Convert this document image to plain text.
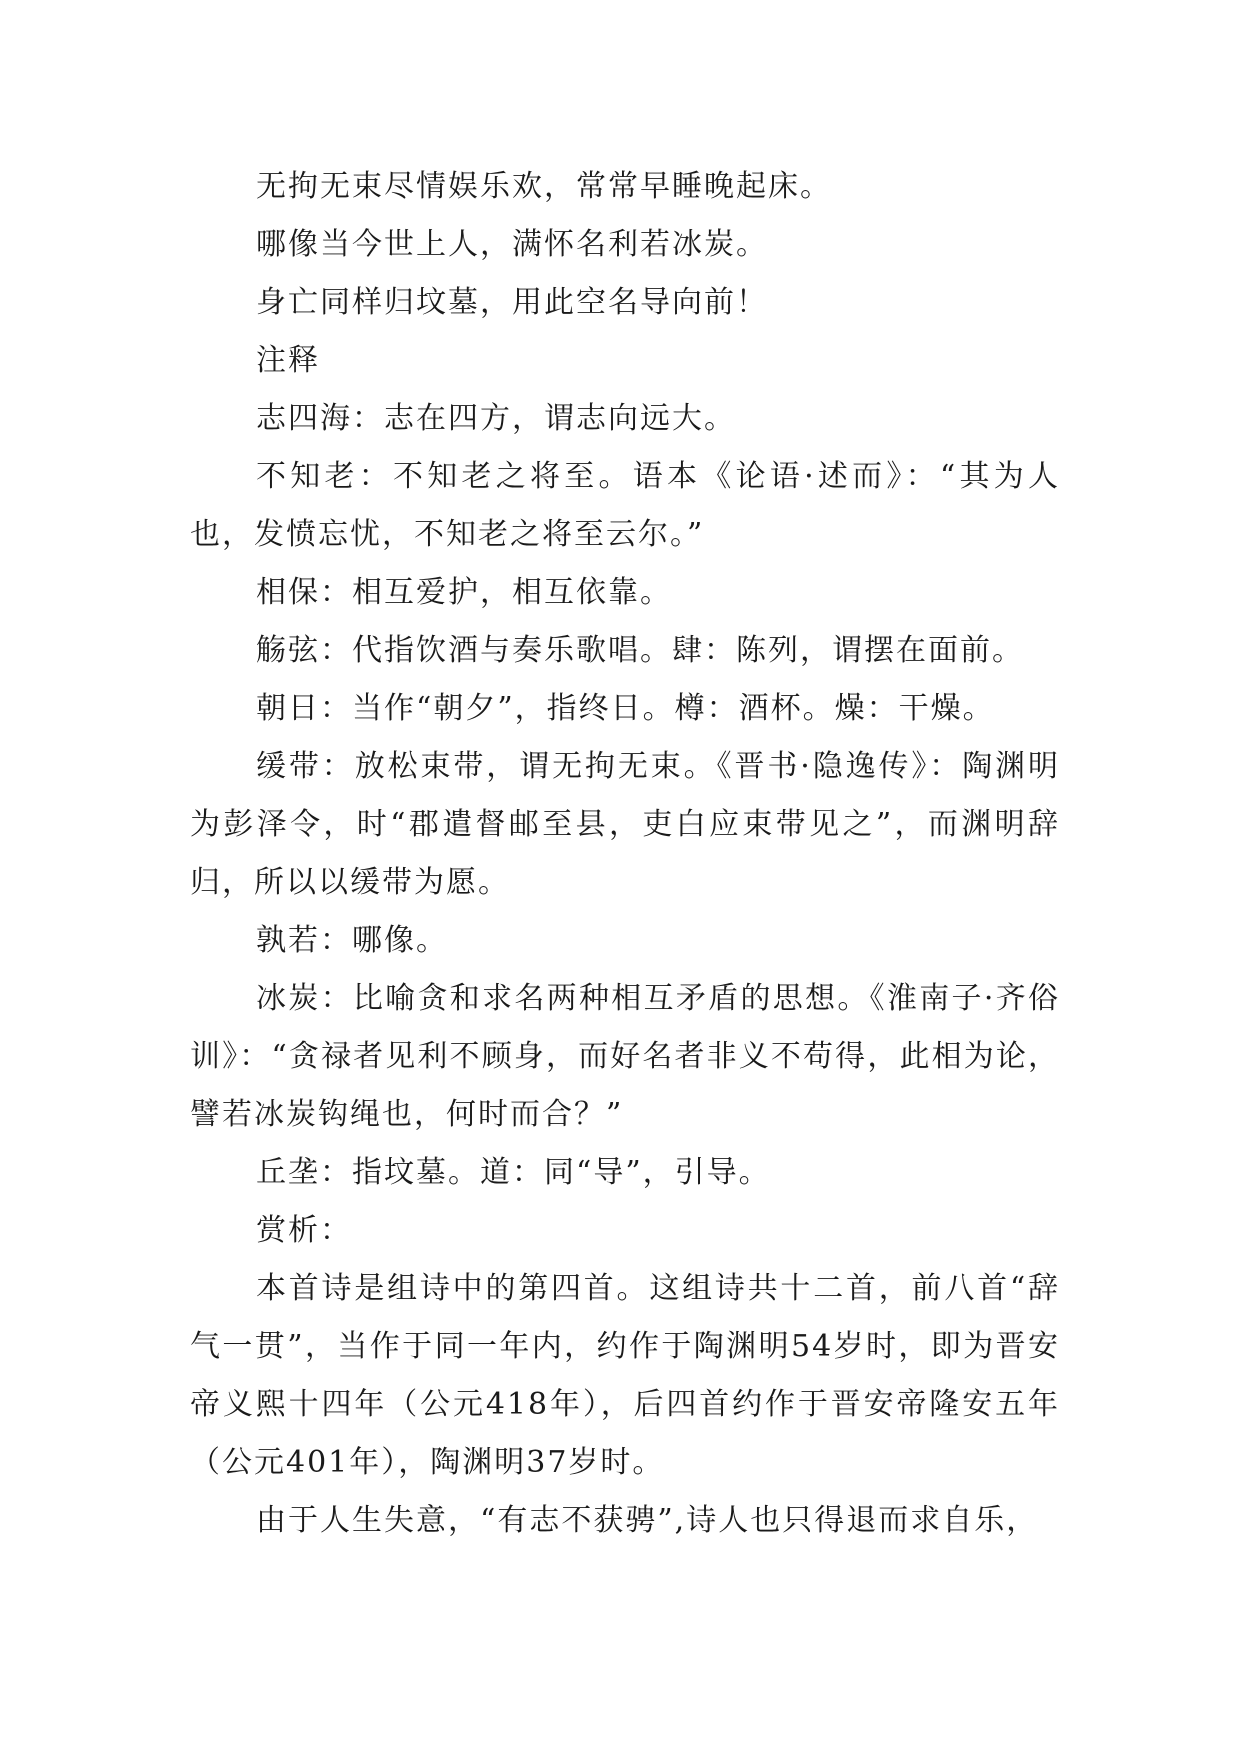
无拘无束尽情娱乐欢，常常早睡晚起床。

哪像当今世上人，满怀名利若冰炭。

身亡同样归坟墓，用此空名导向前！

注释

志四海：志在四方，谓志向远大。

不知老：不知老之将至。语本《论语·述而》：“其为人也，发愤忘忧，不知老之将至云尔。”

相保：相互爱护，相互依靠。

觞弦：代指饮酒与奏乐歌唱。肆：陈列，谓摆在面前。

朝日：当作“朝夕”，指终日。樽：酒杯。燥：干燥。

缓带：放松束带，谓无拘无束。《晋书·隐逸传》：陶渊明为彭泽令，时“郡遣督邮至县，吏白应束带见之”，而渊明辞归，所以以缓带为愿。

孰若：哪像。

冰炭：比喻贪和求名两种相互矛盾的思想。《淮南子·齐俗训》：“贪禄者见利不顾身，而好名者非义不苟得，此相为论，譬若冰炭钩绳也，何时而合？”

丘垄：指坟墓。道：同“导”，引导。

赏析：

本首诗是组诗中的第四首。这组诗共十二首，前八首“辞气一贯”，当作于同一年内，约作于陶渊明54岁时，即为晋安帝义熙十四年（公元418年），后四首约作于晋安帝隆安五年（公元401年），陶渊明37岁时。

由于人生失意，“有志不获骋”,诗人也只得退而求自乐，
